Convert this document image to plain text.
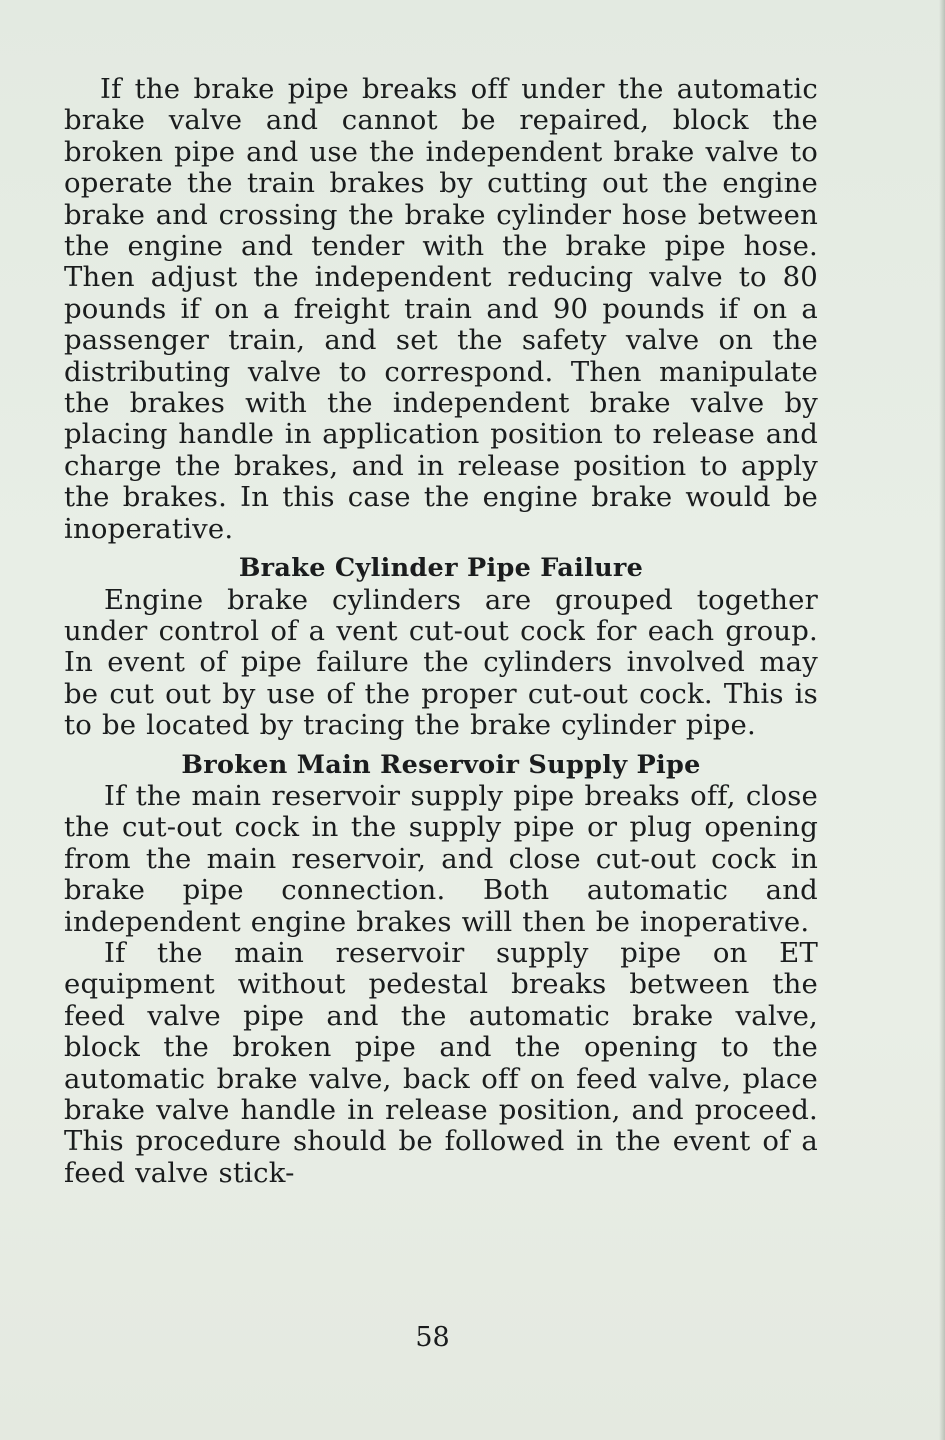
If the brake pipe breaks off under the automatic brake valve and cannot be repaired, block the broken pipe and use the independent brake valve to operate the train brakes by cutting out the engine brake and crossing the brake cylinder hose between the engine and tender with the brake pipe hose. Then adjust the independent reducing valve to 80 pounds if on a freight train and 90 pounds if on a passenger train, and set the safety valve on the distributing valve to correspond. Then manipulate the brakes with the independent brake valve by placing handle in application position to release and charge the brakes, and in release position to apply the brakes. In this case the engine brake would be inoperative.

Brake Cylinder Pipe Failure

Engine brake cylinders are grouped together under control of a vent cut-out cock for each group. In event of pipe failure the cylinders involved may be cut out by use of the proper cut-out cock. This is to be located by tracing the brake cylinder pipe.

Broken Main Reservoir Supply Pipe

If the main reservoir supply pipe breaks off, close the cut-out cock in the supply pipe or plug opening from the main reservoir, and close cut-out cock in brake pipe connection. Both automatic and independent engine brakes will then be inoperative.

If the main reservoir supply pipe on ET equipment without pedestal breaks between the feed valve pipe and the automatic brake valve, block the broken pipe and the opening to the automatic brake valve, back off on feed valve, place brake valve handle in release position, and proceed. This procedure should be followed in the event of a feed valve stick-

58
